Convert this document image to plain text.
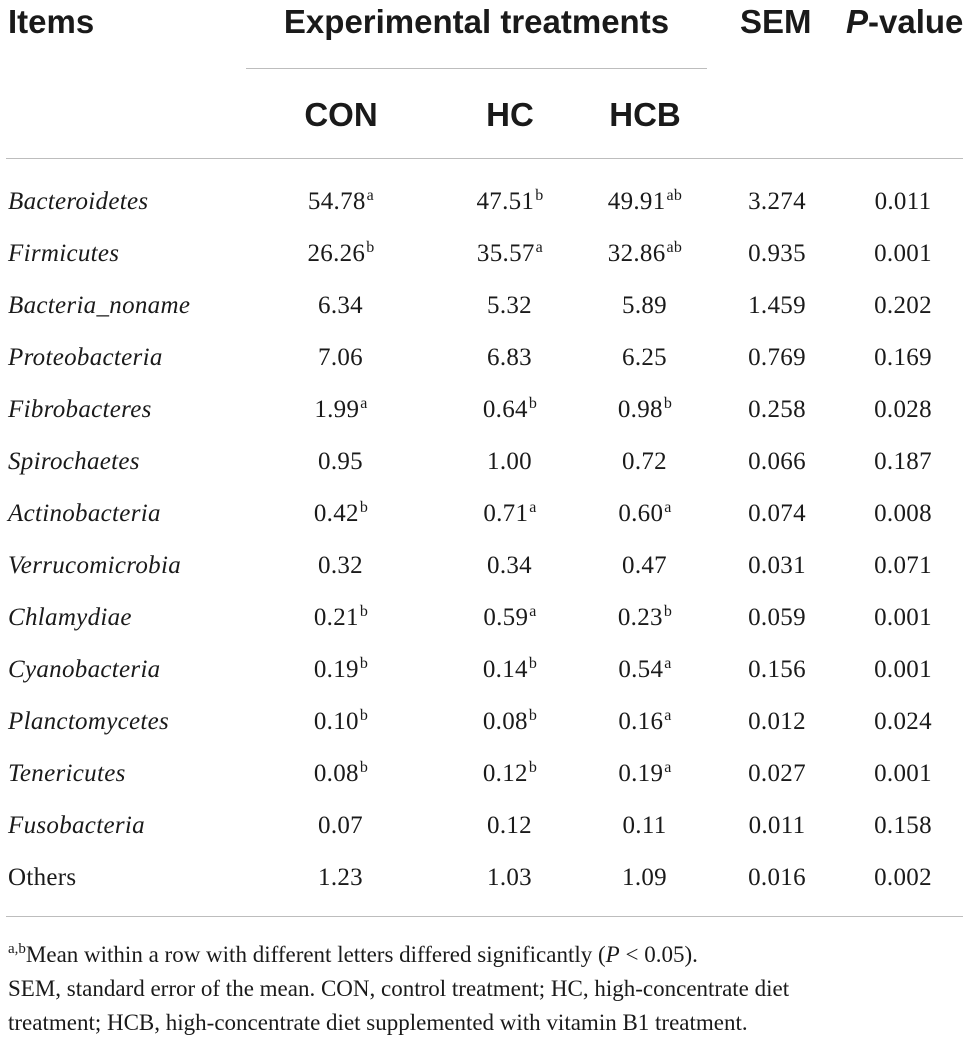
Items	Experimental treatments	SEM P-value
CON	HC	HCB
Bacteroidetes	54.78$^a$	47.51$^b$	49.91$^{ab}$	3.274	0.011
Firmicutes	26.26$^b$	35.57$^a$	32.86$^{ab}$	0.935	0.001
Bacteria_noname	6.34	5.32	5.89	1.459	0.202
Proteobacteria	7.06	6.83	6.25	0.769	0.169
Fibrobacteres	1.99$^a$	0.64$^b$	0.98$^b$	0.258	0.028
Spirochaetes	0.95	1.00	0.72	0.066	0.187
Actinobacteria	0.42$^b$	0.71$^a$	0.60$^a$	0.074	0.008
Verrucomicrobia	0.32	0.34	0.47	0.031	0.071
Chlamydiae	0.21$^b$	0.59$^a$	0.23$^b$	0.059	0.001
Cyanobacteria	0.19$^b$	0.14$^b$	0.54$^a$	0.156	0.001
Planctomycetes	0.10$^b$	0.08$^b$	0.16$^a$	0.012	0.024
Tenericutes	0.08$^b$	0.12$^b$	0.19$^a$	0.027	0.001
Fusobacteria	0.07	0.12	0.11	0.011	0.158
Others	1.23	1.03	1.09	0.016	0.002
$^{a,b}$Mean within a row with different letters differed significantly (P < 0.05).
SEM, standard error of the mean. CON, control treatment; HC, high-concentrate diet
treatment; HCB, high-concentrate diet supplemented with vitamin B1 treatment.
